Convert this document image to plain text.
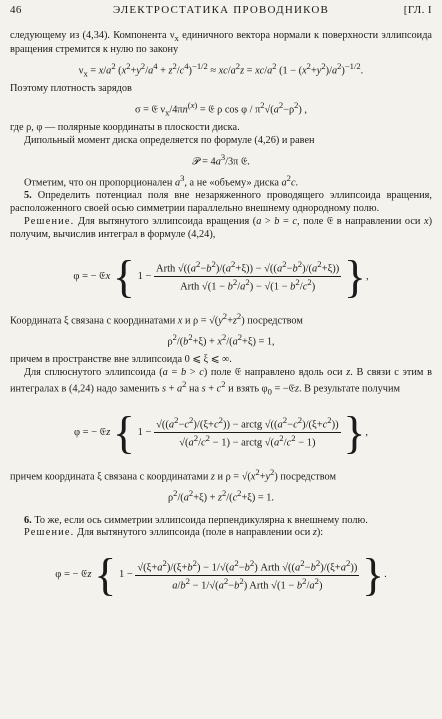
46	ЭЛЕКТРОСТАТИКА ПРОВОДНИКОВ	[ГЛ. I

следующему из (4,34). Компонента $\nu_x$ единичного вектора нормали к поверхности эллипсоида вращения стремится к нулю по закону

$\nu_x = x/a^2$ $(x^2+y^2/a^4 + z^2/c^4)^{-1/2} \approx xc/a^2z = xc/a^2$ $(1 - (x^2+y^2)/a^2)^{-1/2}$.

Поэтому плотность зарядов

σ = 𝔈 $\nu_x/4\pi n^{(x)}$ = 𝔈 ρ $\cos \varphi / \pi^2√(a^2-\rho^2)$ ,

где ρ, φ — полярные координаты в плоскости диска.

Дипольный момент диска определяется по формуле (4,26) и равен

𝒫 = $4a^3/3\pi$ 𝔈.

Отметим, что он пропорционален $a^3$, а не «объему» диска $a^2c$.

5. Определить потенциал поля вне незаряженного проводящего эллипсоида вращения, расположенного своей осью симметрии параллельно внешнему однородному полю.

Решение. Для вытянутого эллипсоида вращения (a > b = c, поле 𝔈 в направлении оси x) получим, вычислив интеграл в формуле (4,24),

φ = − 𝔈x { $1 - \frac{Arth √((a^2-b^2)/(a^2+\xi)) - √((a^2-b^2)/(a^2+\xi))}{Arth √(1 - b^2/a^2) - √(1 - b^2/c^2)}$ },

Координата ξ связана с координатами x и $\rho = √(y^2+z^2)$ посредством

$\rho^2/(b^2+\xi) + x^2/(a^2+\xi) = 1$,

причем в пространстве вне эллипсоида 0 ⩽ ξ ⩽ ∞.

Для сплюснутого эллипсоида (a = b > c) поле 𝔈 направлено вдоль оси z. В связи с этим в интегралах в (4,24) надо заменить $s + a^2$ на $s + c^2$ и взять $\varphi_0$ = −𝔈z. В результате получим

φ = − 𝔈z { $1 - \frac{√((a^2-c^2)/(\xi+c^2)) - arctg √((a^2-c^2)/(\xi+c^2))}{√(a^2/c^2 - 1) - arctg √(a^2/c^2 - 1)}$ },

причем координата ξ связана с координатами z и $\rho = √(x^2+y^2)$ посредством

$\rho^2/(a^2+\xi) + z^2/(c^2+\xi) = 1$.

6. То же, если ось симметрии эллипсоида перпендикулярна к внешнему полю.

Решение. Для вытянутого эллипсоида (поле в направлении оси z):

φ = − 𝔈z { $1 - \frac{√(\xi+a^2)/(\xi+b^2) - 1/√(a^2-b^2) Arth √((a^2-b^2)/(\xi+a^2))}{a/b^2 - 1/√(a^2-b^2) Arth √(1 - b^2/a^2)}$ }.
